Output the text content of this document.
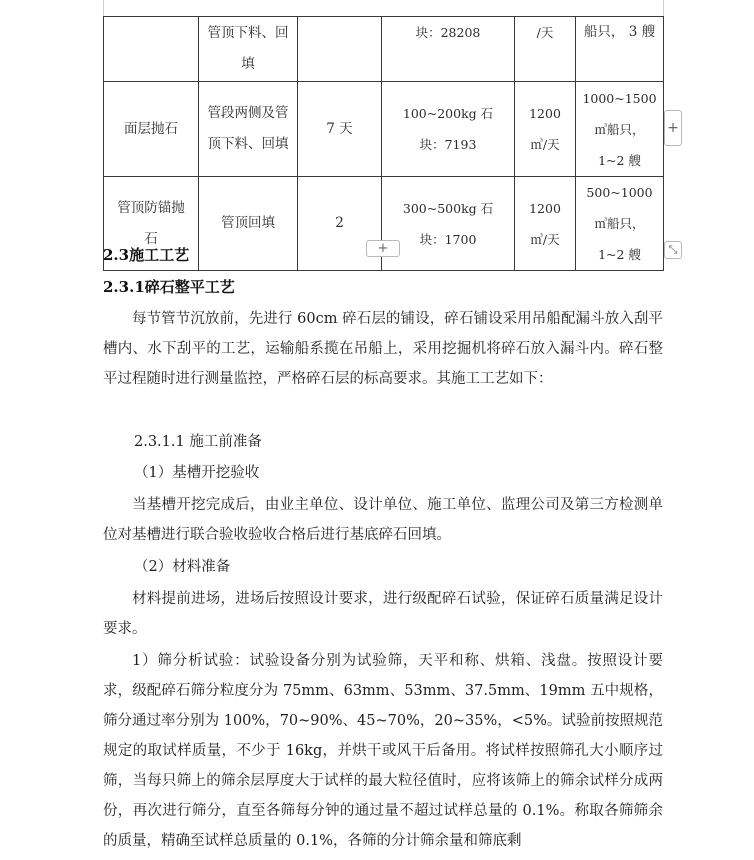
	管顶下料、回填		块：28208	/天	船只， 3 艘
面层抛石	管段两侧及管顶下料、回填	7 天	100~200kg 石块：7193	1200㎥/天	1000~1500㎥船只，1~2 艘
管顶防锚抛石	管顶回填	2	300~500kg 石块：1700	1200㎥/天	500~1000㎥船只，1~2 艘
+
+	⤡
2.3施工工艺
2.3.1碎石整平工艺
每节管节沉放前，先进行 60cm 碎石层的铺设，碎石铺设采用吊船配漏斗放入刮平槽内、水下刮平的工艺，运输船系揽在吊船上，采用挖掘机将碎石放入漏斗内。碎石整平过程随时进行测量监控，严格碎石层的标高要求。其施工工艺如下：
2.3.1.1 施工前准备
（1）基槽开挖验收
当基槽开挖完成后，由业主单位、设计单位、施工单位、监理公司及第三方检测单位对基槽进行联合验收验收合格后进行基底碎石回填。
（2）材料准备
材料提前进场，进场后按照设计要求，进行级配碎石试验，保证碎石质量满足设计要求。
1）筛分析试验：试验设备分别为试验筛，天平和称、烘箱、浅盘。按照设计要求，级配碎石筛分粒度分为 75mm、63mm、53mm、37.5mm、19mm 五中规格，筛分通过率分别为 100%，70~90%、45~70%，20~35%，<5%。试验前按照规范规定的取试样质量，不少于 16kg，并烘干或风干后备用。将试样按照筛孔大小顺序过筛，当每只筛上的筛余层厚度大于试样的最大粒径值时，应将该筛上的筛余试样分成两份，再次进行筛分，直至各筛每分钟的通过量不超过试样总量的 0.1%。称取各筛筛余的质量，精确至试样总质量的 0.1%，各筛的分计筛余量和筛底剩
